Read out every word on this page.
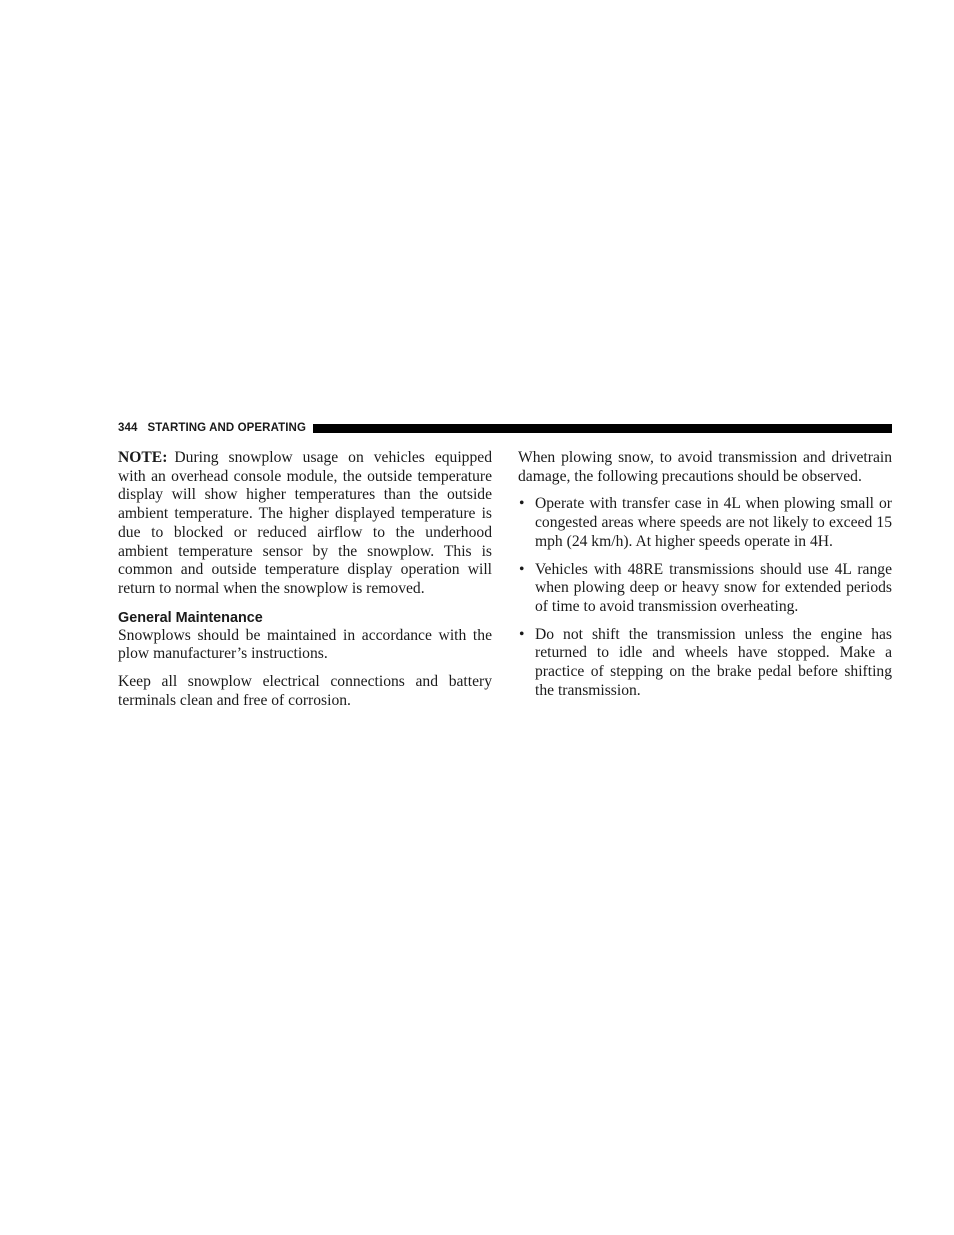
344 STARTING AND OPERATING

NOTE: During snowplow usage on vehicles equipped with an overhead console module, the outside temperature display will show higher temperatures than the outside ambient temperature. The higher displayed temperature is due to blocked or reduced airflow to the underhood ambient temperature sensor by the snowplow. This is common and outside temperature display operation will return to normal when the snowplow is removed.

General Maintenance

Snowplows should be maintained in accordance with the plow manufacturer’s instructions.

Keep all snowplow electrical connections and battery terminals clean and free of corrosion.

When plowing snow, to avoid transmission and drivetrain damage, the following precautions should be observed.

• Operate with transfer case in 4L when plowing small or congested areas where speeds are not likely to exceed 15 mph (24 km/h). At higher speeds operate in 4H.
• Vehicles with 48RE transmissions should use 4L range when plowing deep or heavy snow for extended periods of time to avoid transmission overheating.
• Do not shift the transmission unless the engine has returned to idle and wheels have stopped. Make a practice of stepping on the brake pedal before shifting the transmission.
